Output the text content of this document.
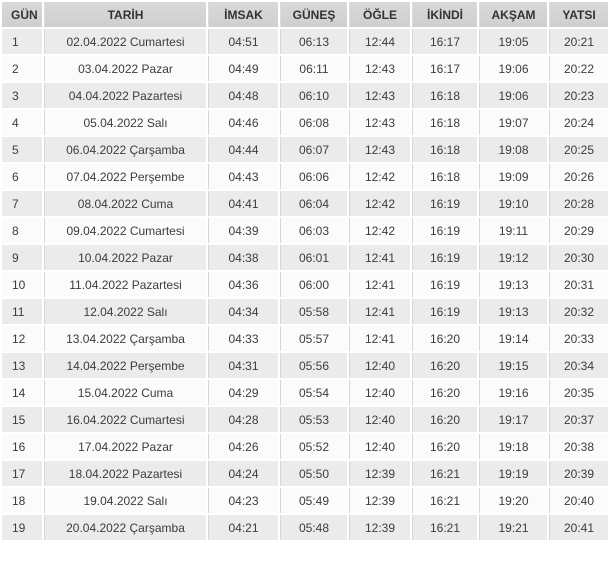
GÜN	TARİH	İMSAK	GÜNEŞ	ÖĞLE	İKİNDİ	AKŞAM	YATSI
1	02.04.2022 Cumartesi	04:51	06:13	12:44	16:17	19:05	20:21
2	03.04.2022 Pazar	04:49	06:11	12:43	16:17	19:06	20:22
3	04.04.2022 Pazartesi	04:48	06:10	12:43	16:18	19:06	20:23
4	05.04.2022 Salı	04:46	06:08	12:43	16:18	19:07	20:24
5	06.04.2022 Çarşamba	04:44	06:07	12:43	16:18	19:08	20:25
6	07.04.2022 Perşembe	04:43	06:06	12:42	16:18	19:09	20:26
7	08.04.2022 Cuma	04:41	06:04	12:42	16:19	19:10	20:28
8	09.04.2022 Cumartesi	04:39	06:03	12:42	16:19	19:11	20:29
9	10.04.2022 Pazar	04:38	06:01	12:41	16:19	19:12	20:30
10	11.04.2022 Pazartesi	04:36	06:00	12:41	16:19	19:13	20:31
11	12.04.2022 Salı	04:34	05:58	12:41	16:19	19:13	20:32
12	13.04.2022 Çarşamba	04:33	05:57	12:41	16:20	19:14	20:33
13	14.04.2022 Perşembe	04:31	05:56	12:40	16:20	19:15	20:34
14	15.04.2022 Cuma	04:29	05:54	12:40	16:20	19:16	20:35
15	16.04.2022 Cumartesi	04:28	05:53	12:40	16:20	19:17	20:37
16	17.04.2022 Pazar	04:26	05:52	12:40	16:20	19:18	20:38
17	18.04.2022 Pazartesi	04:24	05:50	12:39	16:21	19:19	20:39
18	19.04.2022 Salı	04:23	05:49	12:39	16:21	19:20	20:40
19	20.04.2022 Çarşamba	04:21	05:48	12:39	16:21	19:21	20:41
